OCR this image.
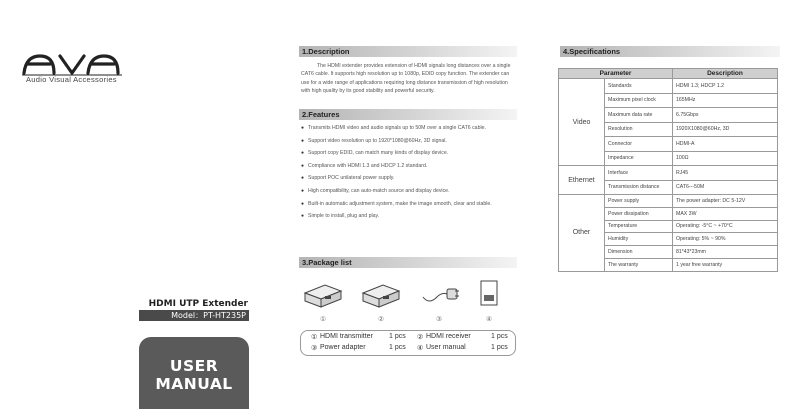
Audio Visual Accessories
HDMI UTP Extender
Model：PT-HT235P
USER
MANUAL
1.Description

The HDMI extender provides extension of HDMI signals long distances over a single CAT6 cable. It supports high resolution up to 1080p, EDID copy function. The extender can use for a wide range of applications requiring long distance transmission of high resolution with high quality by its good stability and powerful security.

2.Features
● Transmits HDMI video and audio signals up to 50M over a single CAT6 cable.
● Support video resolution up to 1920*1080@60Hz, 3D signal.
● Support copy EDID, can match many kinds of display device.
● Compliance with HDMI 1.3 and HDCP 1.2 standard.
● Support POC unilateral power supply.
● High compatibility, can auto-match source and display device.
● Built-in automatic adjustment system, make the image smooth, clear and stable.
● Simple to install, plug and play.
3.Package list
①	②	③	④
① HDMI transmitter 1 pcs ② HDMI receiver	1 pcs
③ Power adapter	1 pcs ④ User manual	1 pcs
4.Specifications
Parameter		Description
Video	Standards	HDMI 1.3; HDCP 1.2
	Maximum pixel clock	165MHz
	Maximum data rate	6.75Gbps
	Resolution	1920X1080@60Hz, 3D
	Connector	HDMI-A
	Impedance	100Ω
Ethernet	Interface	RJ45
	Transmission distance	CAT6---50M
Other	Power supply	The power adapter: DC 5-12V
	Power dissipation	MAX 3W
	Temperature	Operating: -5°C ~ +70°C
	Humidity	Operating: 5% ~ 90%
	Dimension	81*43*23mm
	The warranty	1 year free warranty
